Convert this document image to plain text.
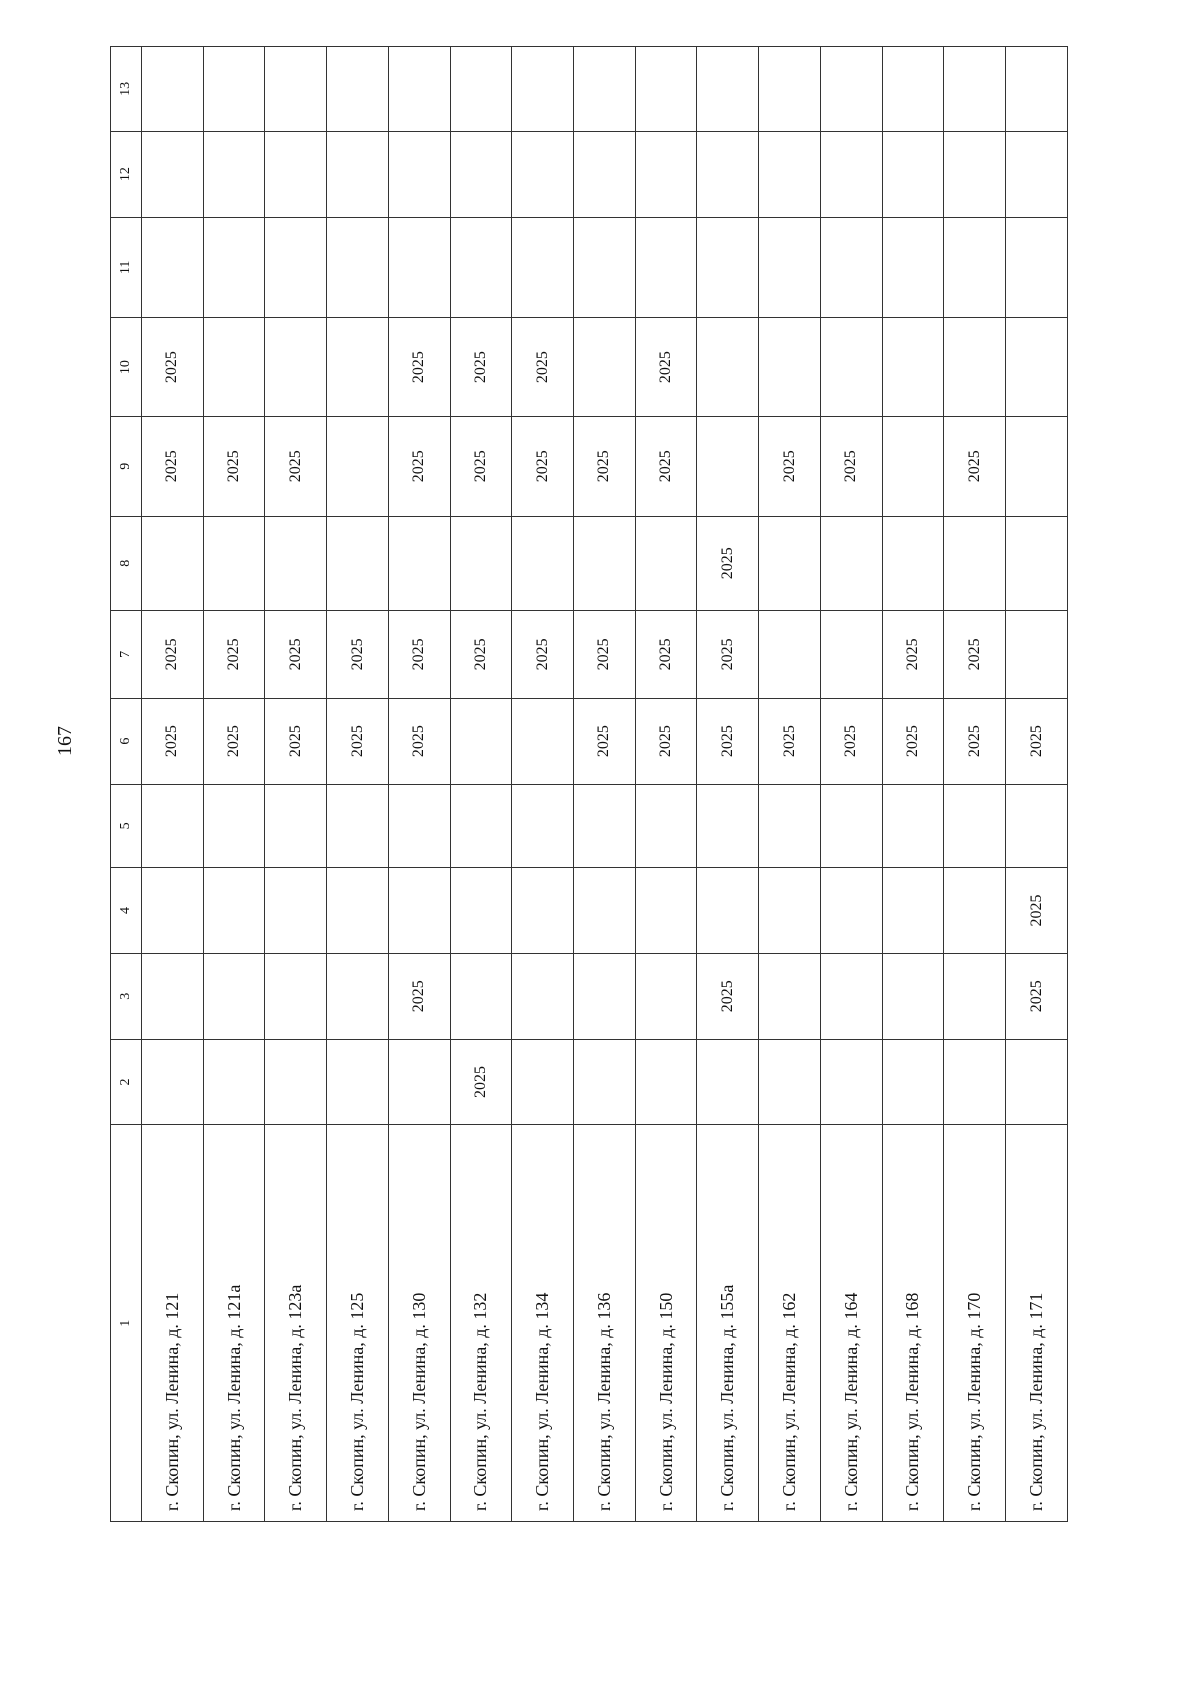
167
1	2	3	4	5	6	7	8	9	10	11	12	13
г. Скопин, ул. Ленина, д. 121					2025	2025		2025	2025			
г. Скопин, ул. Ленина, д. 121а					2025	2025		2025				
г. Скопин, ул. Ленина, д. 123а					2025	2025		2025				
г. Скопин, ул. Ленина, д. 125					2025	2025						
г. Скопин, ул. Ленина, д. 130		2025			2025	2025		2025	2025			
г. Скопин, ул. Ленина, д. 132	2025					2025		2025	2025			
г. Скопин, ул. Ленина, д. 134						2025		2025	2025			
г. Скопин, ул. Ленина, д. 136					2025	2025		2025				
г. Скопин, ул. Ленина, д. 150					2025	2025		2025	2025			
г. Скопин, ул. Ленина, д. 155а		2025			2025	2025	2025					
г. Скопин, ул. Ленина, д. 162					2025			2025				
г. Скопин, ул. Ленина, д. 164					2025			2025				
г. Скопин, ул. Ленина, д. 168					2025	2025						
г. Скопин, ул. Ленина, д. 170					2025	2025		2025				
г. Скопин, ул. Ленина, д. 171		2025	2025		2025							
